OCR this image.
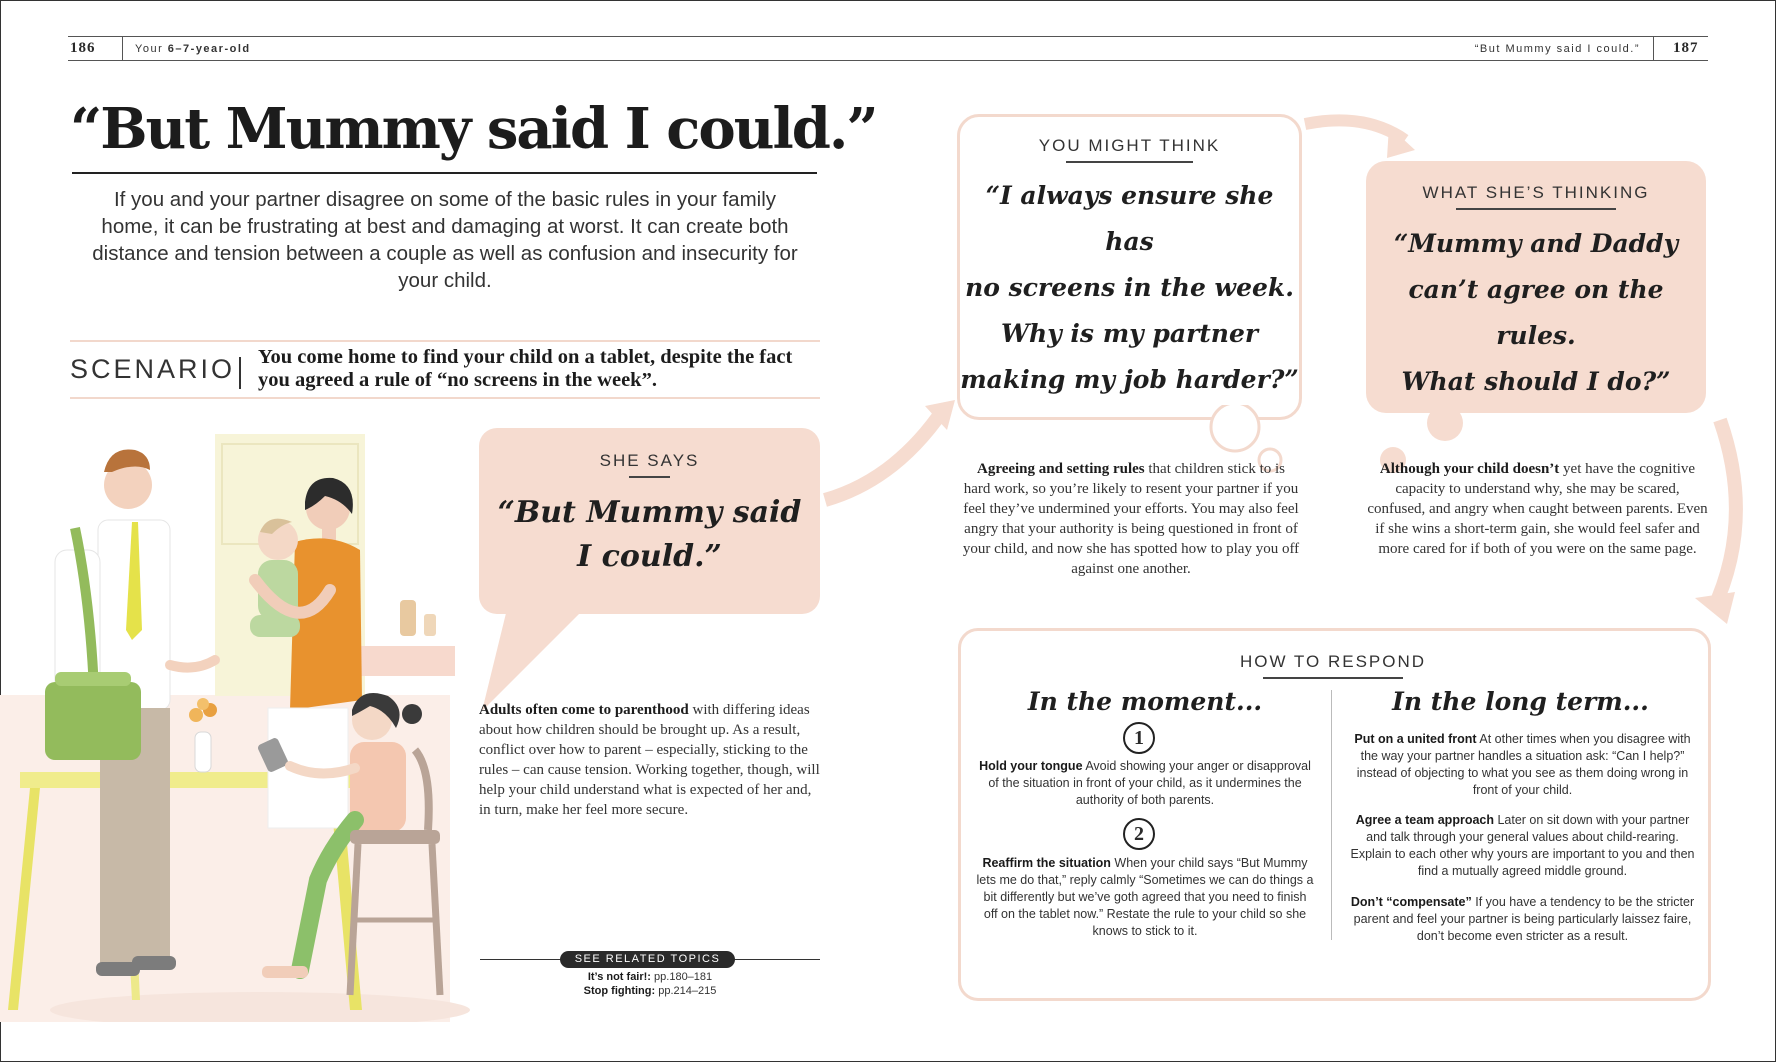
186	Your 6–7-year-old	“But Mummy said I could.” 187
“But Mummy said I could.”
If you and your partner disagree on some of the basic rules in your family home, it can be frustrating at best and damaging at worst. It can create both distance and tension between a couple as well as confusion and insecurity for your child.
SCENARIO You come home to find your child on a tablet, despite the fact you agreed a rule of “no screens in the week”.
SHE SAYS
“But Mummy said
I could.”
Adults often come to parenthood with differing ideas about how children should be brought up. As a result, conflict over how to parent – especially, sticking to the rules – can cause tension. Working together, though, will help your child understand what is expected of her and, in turn, make her feel more secure.
YOU MIGHT THINK
“I always ensure she has
no screens in the week.
Why is my partner
making my job harder?”
Agreeing and setting rules that children stick to is hard work, so you’re likely to resent your partner if you feel they’ve undermined your efforts. You may also feel angry that your authority is being questioned in front of your child, and now she has spotted how to play you off against one another.
WHAT SHE’S THINKING
“Mummy and Daddy
can’t agree on the rules.
What should I do?”
Although your child doesn’t yet have the cognitive capacity to understand why, she may be scared, confused, and angry when caught between parents. Even if she wins a short-term gain, she would feel safer and more cared for if both of you were on the same page.
HOW TO RESPOND
In the moment...
1
Hold your tongue Avoid showing your anger or disapproval of the situation in front of your child, as it undermines the authority of both parents.
2
Reaffirm the situation When your child says “But Mummy lets me do that,” reply calmly “Sometimes we can do things a bit differently but we’ve goth agreed that you need to finish off on the tablet now.” Restate the rule to your child so she knows to stick to it.
In the long term...
Put on a united front At other times when you disagree with the way your partner handles a situation ask: “Can I help?” instead of objecting to what you see as them doing wrong in front of your child.
Agree a team approach Later on sit down with your partner and talk through your general values about child-rearing. Explain to each other why yours are important to you and then find a mutually agreed middle ground.
Don’t “compensate” If you have a tendency to be the stricter parent and feel your partner is being particularly laissez faire, don’t become even stricter as a result.
SEE RELATED TOPICS
It’s not fair!: pp.180–181
Stop fighting: pp.214–215
